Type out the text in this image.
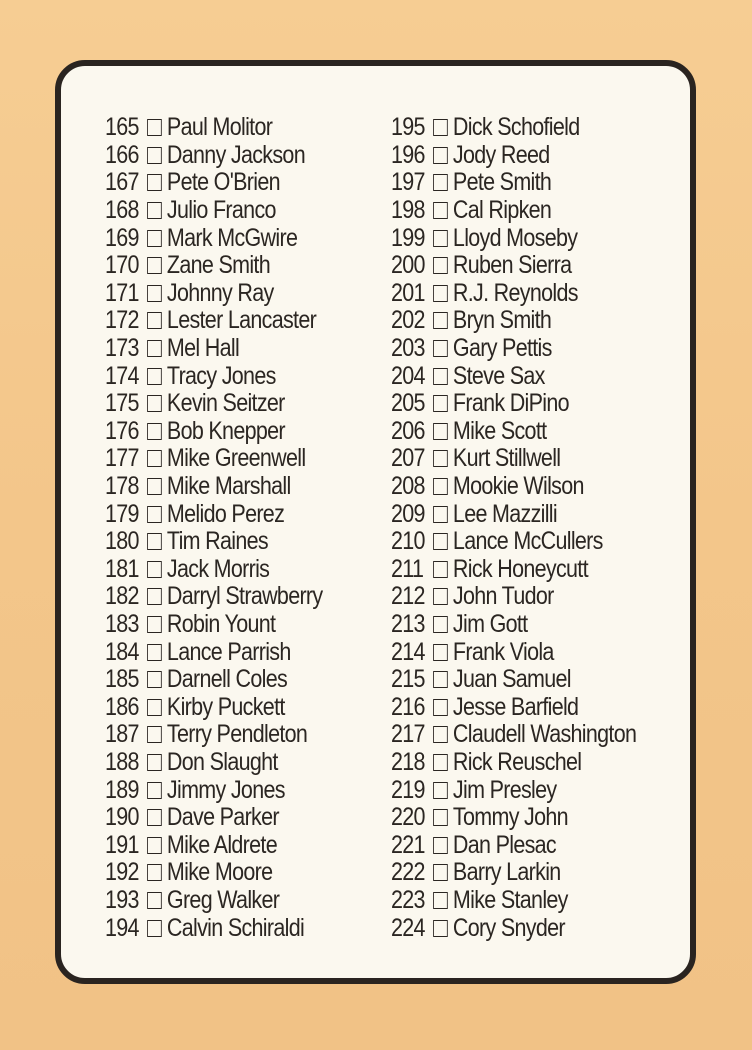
165	Paul Molitor
166	Danny Jackson
167	Pete O'Brien
168	Julio Franco
169	Mark McGwire
170	Zane Smith
171	Johnny Ray
172	Lester Lancaster
173	Mel Hall
174	Tracy Jones
175	Kevin Seitzer
176	Bob Knepper
177	Mike Greenwell
178	Mike Marshall
179	Melido Perez
180	Tim Raines
181	Jack Morris
182	Darryl Strawberry
183	Robin Yount
184	Lance Parrish
185	Darnell Coles
186	Kirby Puckett
187	Terry Pendleton
188	Don Slaught
189	Jimmy Jones
190	Dave Parker
191	Mike Aldrete
192	Mike Moore
193	Greg Walker
194	Calvin Schiraldi
195	Dick Schofield
196	Jody Reed
197	Pete Smith
198	Cal Ripken
199	Lloyd Moseby
200	Ruben Sierra
201	R.J. Reynolds
202	Bryn Smith
203	Gary Pettis
204	Steve Sax
205	Frank DiPino
206	Mike Scott
207	Kurt Stillwell
208	Mookie Wilson
209	Lee Mazzilli
210	Lance McCullers
211	Rick Honeycutt
212	John Tudor
213	Jim Gott
214	Frank Viola
215	Juan Samuel
216	Jesse Barfield
217	Claudell Washington
218	Rick Reuschel
219	Jim Presley
220	Tommy John
221	Dan Plesac
222	Barry Larkin
223	Mike Stanley
224	Cory Snyder
